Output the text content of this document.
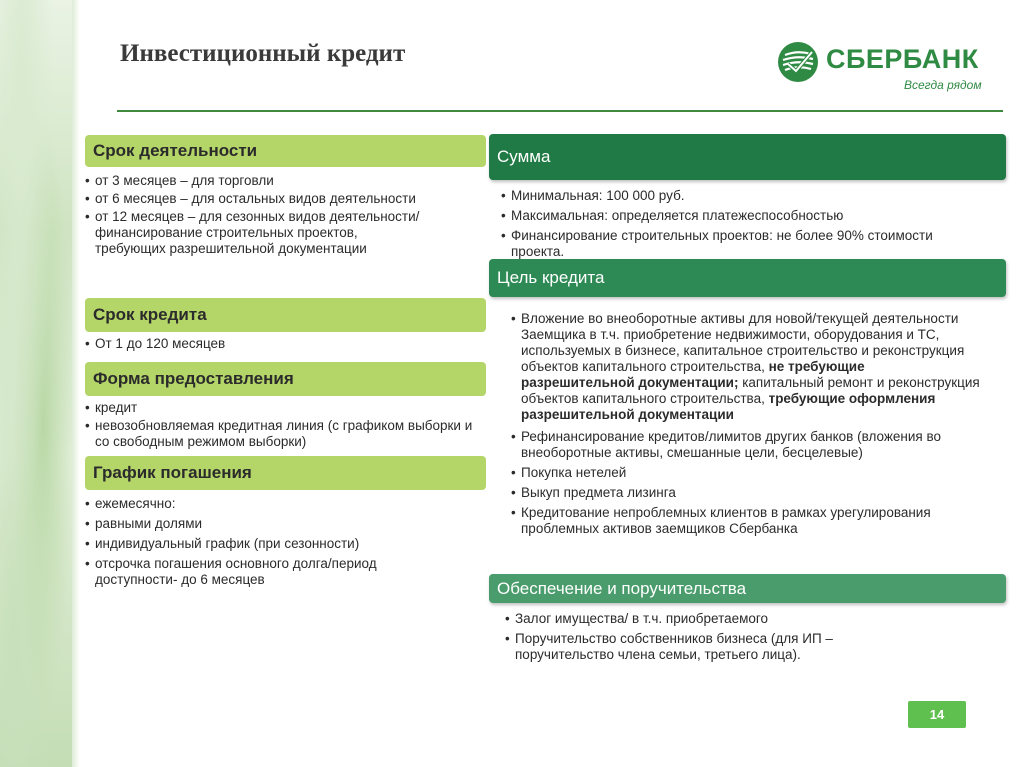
Инвестиционный кредит	СБЕРБАНК
Всегда рядом
Срок деятельности
• от 3 месяцев – для торговли
• от 6 месяцев – для остальных видов деятельности
• от 12 месяцев – для сезонных видов деятельности/финансирование строительных проектов, требующих разрешительной документации
Срок кредита
• От 1 до 120 месяцев
Форма предоставления
• кредит
• невозобновляемая кредитная линия (с графиком выборки и со свободным режимом выборки)
График погашения
• ежемесячно:
• равными долями
• индивидуальный график (при сезонности)
• отсрочка погашения основного долга/период доступности- до 6 месяцев
Сумма
• Минимальная: 100 000 руб.
• Максимальная: определяется платежеспособностью
• Финансирование строительных проектов: не более 90% стоимости проекта.
Цель кредита
• Вложение во внеоборотные активы для новой/текущей деятельности Заемщика в т.ч. приобретение недвижимости, оборудования и ТС, используемых в бизнесе, капитальное строительство и реконструкция объектов капитального строительства, не требующие разрешительной документации; капитальный ремонт и реконструкция объектов капитального строительства, требующие оформления разрешительной документации
• Рефинансирование кредитов/лимитов других банков (вложения во внеоборотные активы, смешанные цели, бесцелевые)
• Покупка нетелей
• Выкуп предмета лизинга
• Кредитование непроблемных клиентов в рамках урегулирования проблемных активов заемщиков Сбербанка
Обеспечение и поручительства
• Залог имущества/ в т.ч. приобретаемого
• Поручительство собственников бизнеса (для ИП – поручительство члена семьи, третьего лица).
14
